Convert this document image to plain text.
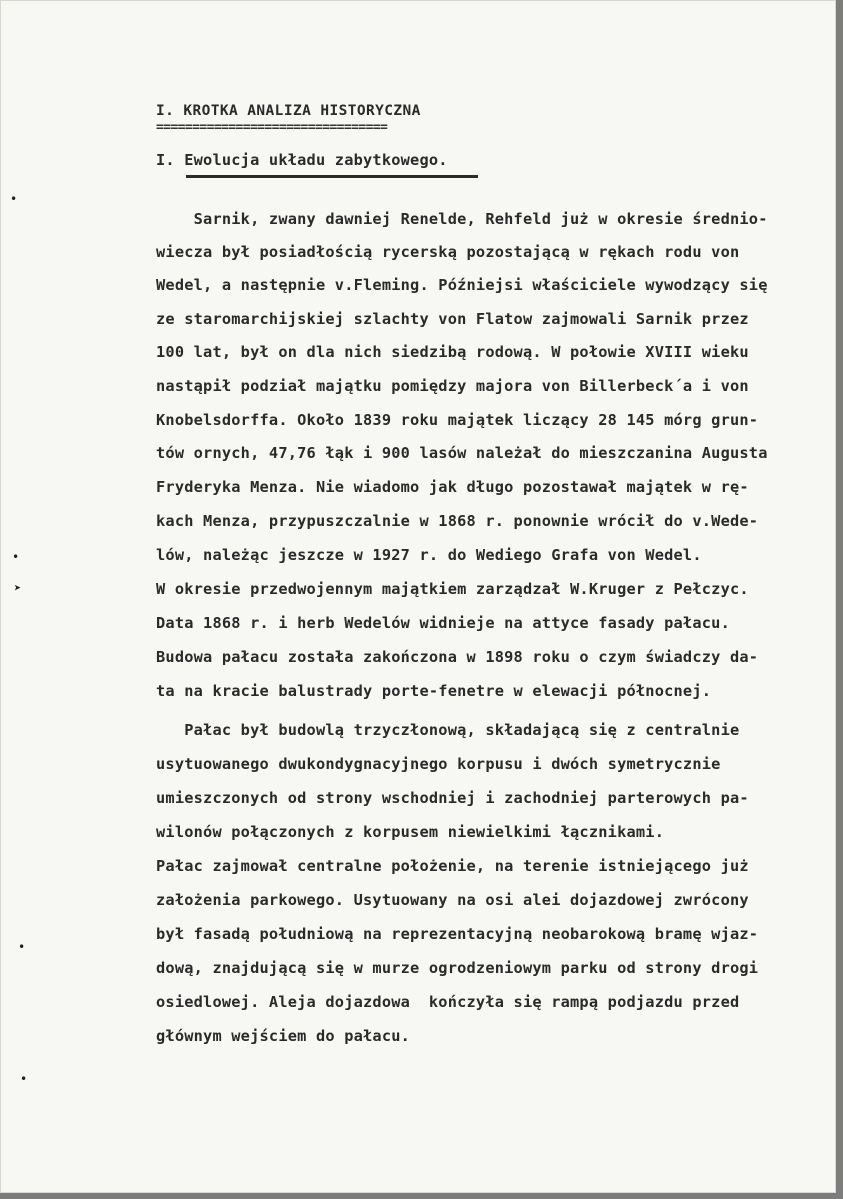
I. KROTKA ANALIZA HISTORYCZNA
================================
I. Ewolucja układu zabytkowego.
Sarnik, zwany dawniej Renelde, Rehfeld już w okresie średnio-
wiecza był posiadłością rycerską pozostającą w rękach rodu von
Wedel, a następnie v.Fleming. Późniejsi właściciele wywodzący się
ze staromarchijskiej szlachty von Flatow zajmowali Sarnik przez
100 lat, był on dla nich siedzibą rodową. W połowie XVIII wieku
nastąpił podział majątku pomiędzy majora von Billerbeck´a i von
Knobelsdorffa. Około 1839 roku majątek liczący 28 145 mórg grun-
tów ornych, 47,76 łąk i 900 lasów należał do mieszczanina Augusta
Fryderyka Menza. Nie wiadomo jak długo pozostawał majątek w rę-
kach Menza, przypuszczalnie w 1868 r. ponownie wrócił do v.Wede-
lów, należąc jeszcze w 1927 r. do Wediego Grafa von Wedel.
W okresie przedwojennym majątkiem zarządzał W.Kruger z Pełczyc.
Data 1868 r. i herb Wedelów widnieje na attyce fasady pałacu.
Budowa pałacu została zakończona w 1898 roku o czym świadczy da-
ta na kracie balustrady porte-fenetre w elewacji północnej.
Pałac był budowlą trzyczłonową, składającą się z centralnie
usytuowanego dwukondygnacyjnego korpusu i dwóch symetrycznie
umieszczonych od strony wschodniej i zachodniej parterowych pa-
wilonów połączonych z korpusem niewielkimi łącznikami.
Pałac zajmował centralne położenie, na terenie istniejącego już
założenia parkowego. Usytuowany na osi alei dojazdowej zwrócony
był fasadą południową na reprezentacyjną neobarokową bramę wjaz-
dową, znajdującą się w murze ogrodzeniowym parku od strony drogi
osiedlowej. Aleja dojazdowa  kończyła się rampą podjazdu przed
głównym wejściem do pałacu.
•
•
➤
•
•
